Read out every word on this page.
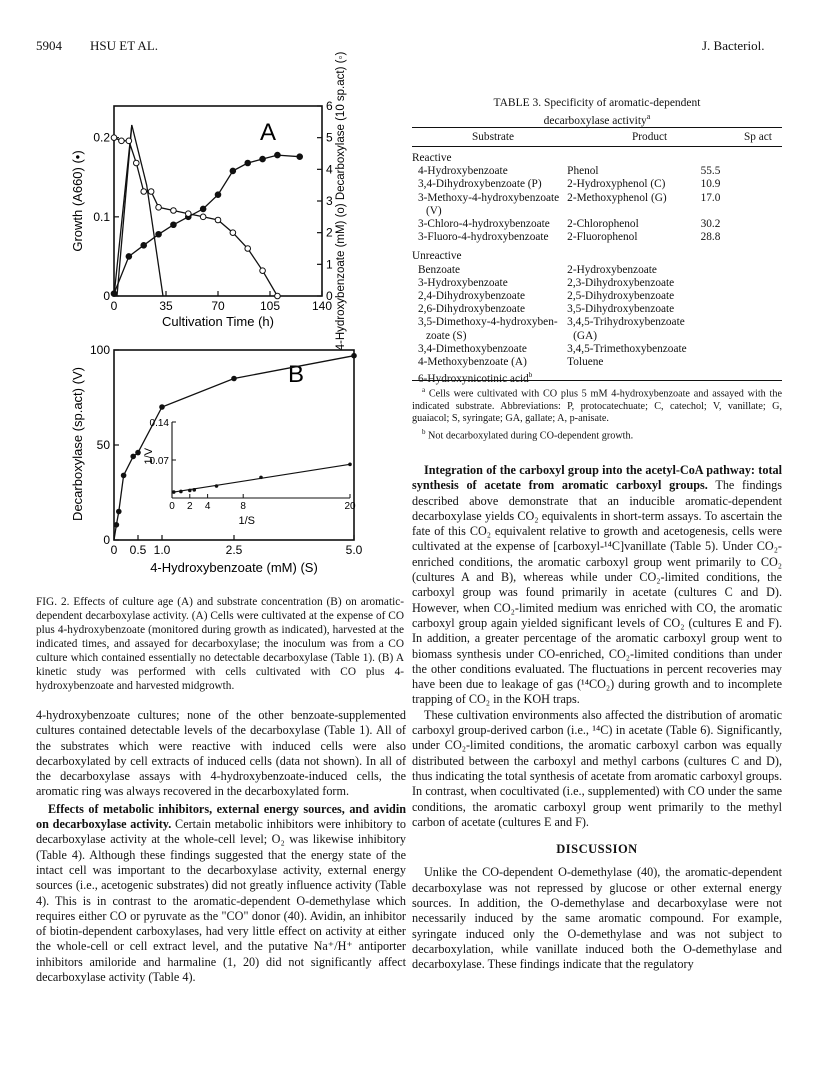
5904 HSU ET AL.	J. Bacteriol.
A
0	35	70	105	140
0
0.1
0.2
0
1
2
3
4
5
6
Cultivation Time (h)
Growth (A660) (•)	4-Hydroxybenzoate (mM) (o) Decarboxylase (10 sp.act) (◦)
B
0 0.5 1.0	2.5	5.0
0
50
100
0 2 4	8	20
0.07
0.14
1/S
1/V
4-Hydroxybenzoate (mM) (S)
Decarboxylase (sp.act) (V)
FIG. 2. Effects of culture age (A) and substrate concentration (B) on aromatic-dependent decarboxylase activity. (A) Cells were cultivated at the expense of CO plus 4-hydroxybenzoate (monitored during growth as indicated), harvested at the indicated times, and assayed for decarboxylase; the inoculum was from a CO culture which contained essentially no detectable decarboxylase (Table 1). (B) A kinetic study was performed with cells cultivated with CO plus 4-hydroxybenzoate and harvested midgrowth.

4-hydroxybenzoate cultures; none of the other benzoate-supplemented cultures contained detectable levels of the decarboxylase (Table 1). All of the substrates which were reactive with induced cells were also decarboxylated by cell extracts of induced cells (data not shown). In all of the decarboxylase assays with 4-hydroxybenzoate-induced cells, the aromatic ring was always recovered in the decarboxylated form.

Effects of metabolic inhibitors, external energy sources, and avidin on decarboxylase activity. Certain metabolic inhibitors were inhibitory to decarboxylase activity at the whole-cell level; O₂ was likewise inhibitory (Table 4). Although these findings suggested that the energy state of the intact cell was important to the decarboxylase activity, external energy sources (i.e., acetogenic substrates) did not greatly influence activity (Table 4). This is in contrast to the aromatic-dependent O-demethylase which requires either CO or pyruvate as the "CO" donor (40). Avidin, an inhibitor of biotin-dependent carboxylases, had very little effect on activity at either the whole-cell or cell extract level, and the putative Na⁺/H⁺ antiporter inhibitors amiloride and harmaline (1, 20) did not significantly affect decarboxylase activity (Table 4).

TABLE 3. Specificity of aromatic-dependent
decarboxylase activity$^a$
Substrate	Product	Sp act
Reactive		
4-Hydroxybenzoate	Phenol	55.5
3,4-Dihydroxybenzoate (P)	2-Hydroxyphenol (C)	10.9
3-Methoxy-4-hydroxybenzoate	2-Methoxyphenol (G)	17.0
(V)		
3-Chloro-4-hydroxybenzoate	2-Chlorophenol	30.2
3-Fluoro-4-hydroxybenzoate	2-Fluorophenol	28.8

Unreactive		
Benzoate	2-Hydroxybenzoate	
3-Hydroxybenzoate	2,3-Dihydroxybenzoate	
2,4-Dihydroxybenzoate	2,5-Dihydroxybenzoate	
2,6-Dihydroxybenzoate	3,5-Dihydroxybenzoate	
3,5-Dimethoxy-4-hydroxyben-	3,4,5-Trihydroxybenzoate	
zoate (S)	(GA)	
3,4-Dimethoxybenzoate	3,4,5-Trimethoxybenzoate	
4-Methoxybenzoate (A)	Toluene	
6-Hydroxynicotinic acid$^b$		
$^a$ Cells were cultivated with CO plus 5 mM 4-hydroxybenzoate and assayed with the indicated substrate. Abbreviations: P, protocatechuate; C, catechol; V, vanillate; G, guaiacol; S, syringate; GA, gallate; A, p-anisate.
$^b$ Not decarboxylated during CO-dependent growth.

Integration of the carboxyl group into the acetyl-CoA pathway: total synthesis of acetate from aromatic carboxyl groups. The findings described above demonstrate that an inducible aromatic-dependent decarboxylase yields CO₂ equivalents in short-term assays. To ascertain the fate of this CO₂ equivalent relative to growth and acetogenesis, cells were cultivated at the expense of [carboxyl-¹⁴C]vanillate (Table 5). Under CO₂-enriched conditions, the aromatic carboxyl group went primarily to CO₂ (cultures A and B), whereas while under CO₂-limited conditions, the carboxyl group was found primarily in acetate (cultures C and D). However, when CO₂-limited medium was enriched with CO, the aromatic carboxyl group again yielded significant levels of CO₂ (cultures E and F). In addition, a greater percentage of the aromatic carboxyl group went to biomass synthesis under CO-enriched, CO₂-limited conditions than under the other conditions evaluated. The fluctuations in percent recoveries may have been due to leakage of gas (¹⁴CO₂) during growth and to incomplete trapping of CO₂ in the KOH traps.

These cultivation environments also affected the distribution of aromatic carboxyl group-derived carbon (i.e., ¹⁴C) in acetate (Table 6). Significantly, under CO₂-limited conditions, the aromatic carboxyl carbon was equally distributed between the carboxyl and methyl carbons (cultures C and D), thus indicating the total synthesis of acetate from aromatic carboxyl groups. In contrast, when cocultivated (i.e., supplemented) with CO under the same conditions, the aromatic carboxyl group went primarily to the methyl carbon of acetate (cultures E and F).

DISCUSSION

Unlike the CO-dependent O-demethylase (40), the aromatic-dependent decarboxylase was not repressed by glucose or other external energy sources. In addition, the O-demethylase and decarboxylase were not necessarily induced by the same aromatic compound. For example, syringate induced only the O-demethylase and was not subject to decarboxylation, while vanillate induced both the O-demethylase and decarboxylase. These findings indicate that the regulatory
